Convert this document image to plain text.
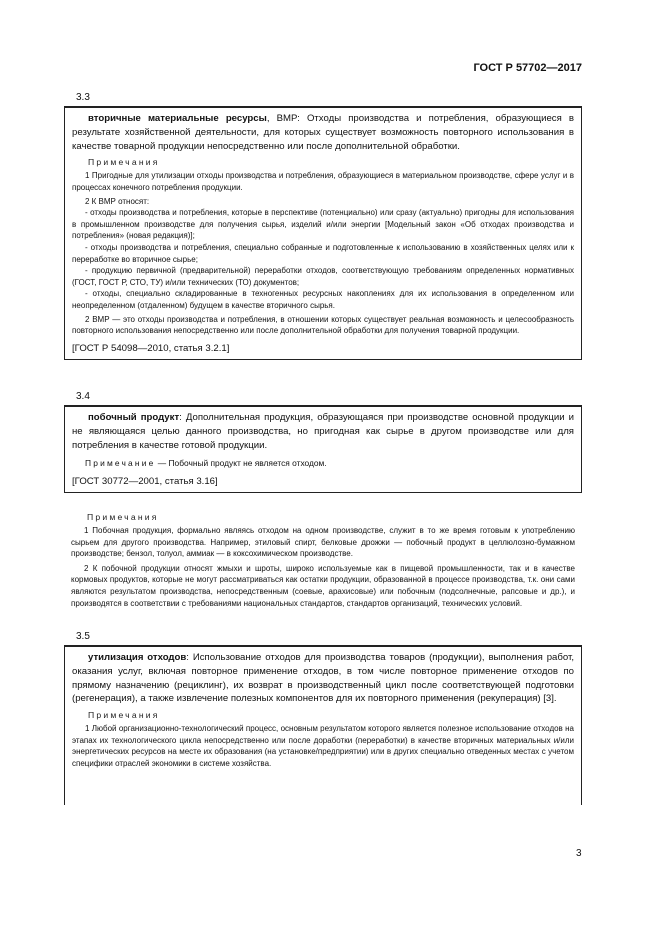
ГОСТ Р 57702—2017
3.3

вторичные материальные ресурсы, ВМР: Отходы производства и потребления, образующиеся в результате хозяйственной деятельности, для которых существует возможность повторного использования в качестве товарной продукции непосредственно или после дополнительной обработки.

Примечания

1 Пригодные для утилизации отходы производства и потребления, образующиеся в материальном производстве, сфере услуг и в процессах конечного потребления продукции.

2 К ВМР относят:

- отходы производства и потребления, которые в перспективе (потенциально) или сразу (актуально) пригодны для использования в промышленном производстве для получения сырья, изделий и/или энергии [Модельный закон «Об отходах производства и потребления» (новая редакция)];

- отходы производства и потребления, специально собранные и подготовленные к использованию в хозяйственных целях или к переработке во вторичное сырье;

- продукцию первичной (предварительной) переработки отходов, соответствующую требованиям определенных нормативных (ГОСТ, ГОСТ Р, СТО, ТУ) и/или технических (ТО) документов;

- отходы, специально складированные в техногенных ресурсных накоплениях для их использования в определенном или неопределенном (отдаленном) будущем в качестве вторичного сырья.

2 ВМР — это отходы производства и потребления, в отношении которых существует реальная возможность и целесообразность повторного использования непосредственно или после дополнительной обработки для получения товарной продукции.

[ГОСТ Р 54098—2010, статья 3.2.1]

3.4

побочный продукт: Дополнительная продукция, образующаяся при производстве основной продукции и не являющаяся целью данного производства, но пригодная как сырье в другом производстве или для потребления в качестве готовой продукции.

Примечание — Побочный продукт не является отходом.

[ГОСТ 30772—2001, статья 3.16]

Примечания

1 Побочная продукция, формально являясь отходом на одном производстве, служит в то же время готовым к употреблению сырьем для другого производства. Например, этиловый спирт, белковые дрожжи — побочный продукт в целлюлозно-бумажном производстве; бензол, толуол, аммиак — в коксохимическом производстве.

2 К побочной продукции относят жмыхи и шроты, широко используемые как в пищевой промышленности, так и в качестве кормовых продуктов, которые не могут рассматриваться как остатки продукции, образованной в процессе производства, т.к. они сами являются результатом производства, непосредственным (соевые, арахисовые) или побочным (подсолнечные, рапсовые и др.), и производятся в соответствии с требованиями национальных стандартов, стандартов организаций, технических условий.

3.5

утилизация отходов: Использование отходов для производства товаров (продукции), выполнения работ, оказания услуг, включая повторное применение отходов, в том числе повторное применение отходов по прямому назначению (рециклинг), их возврат в производственный цикл после соответствующей подготовки (регенерация), а также извлечение полезных компонентов для их повторного применения (рекуперация) [3].

Примечания

1 Любой организационно-технологический процесс, основным результатом которого является полезное использование отходов на этапах их технологического цикла непосредственно или после доработки (переработки) в качестве вторичных материальных и/или энергетических ресурсов на месте их образования (на установке/предприятии) или в других специально отведенных местах с учетом специфики отраслей экономики в системе хозяйства.

3
